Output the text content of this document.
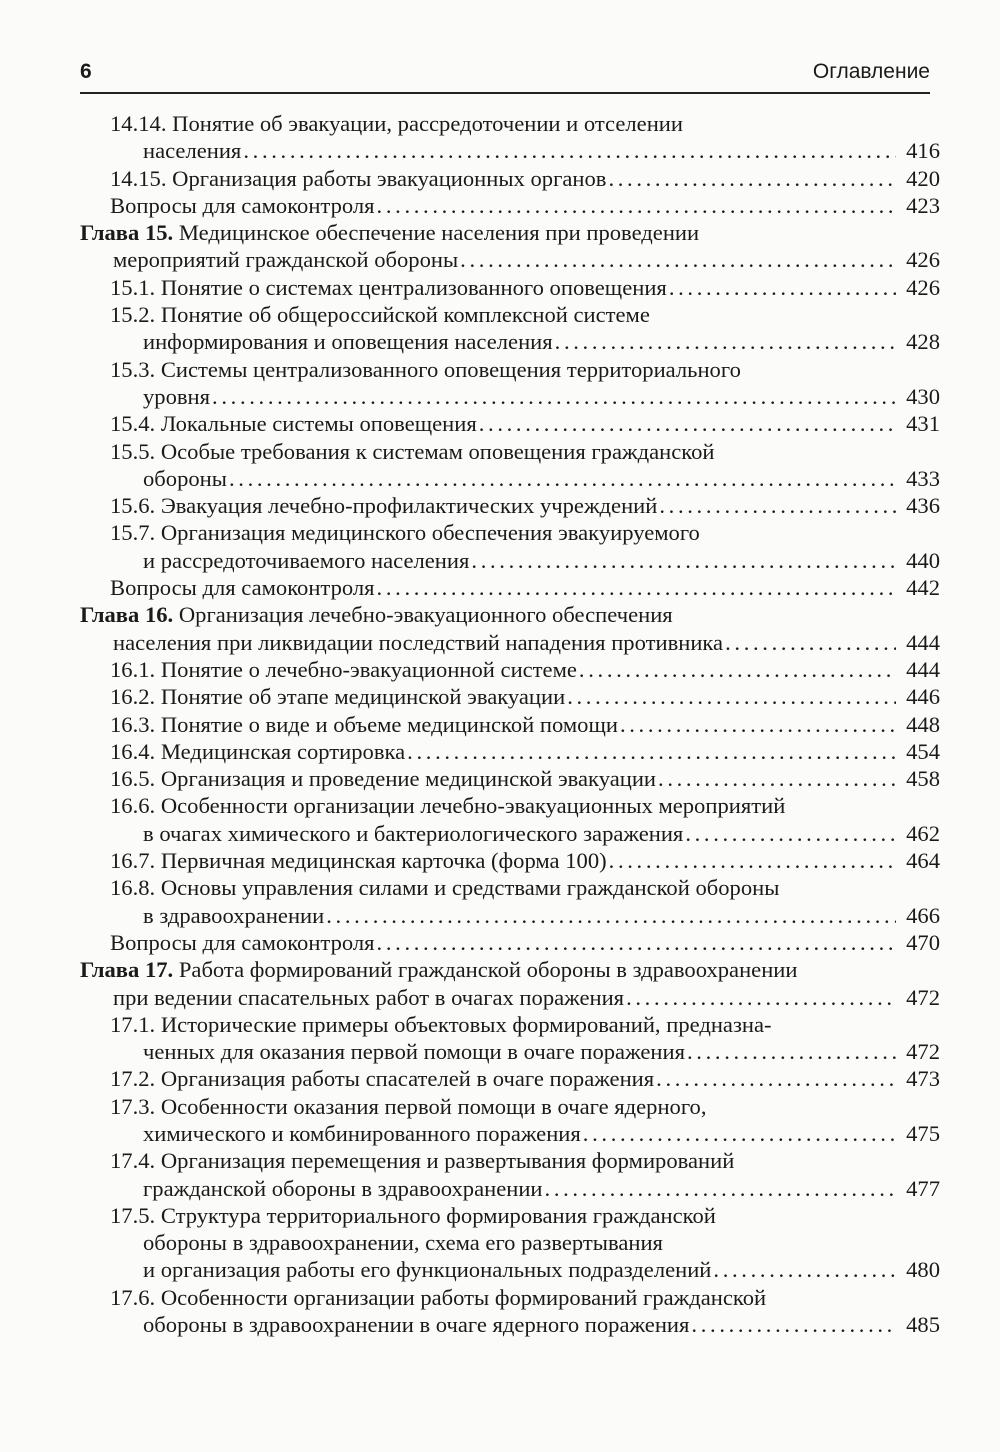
6	Оглавление
14.14. Понятие об эвакуации, рассредоточении и отселении
населения . . .	416
14.15. Организация работы эвакуационных органов . . .	420
Вопросы для самоконтроля . . .	423
Глава 15. Медицинское обеспечение населения при проведении
мероприятий гражданской обороны . . .	426
15.1. Понятие о системах централизованного оповещения . . .	426
15.2. Понятие об общероссийской комплексной системе
информирования и оповещения населения . . .	428
15.3. Системы централизованного оповещения территориального
уровня . . .	430
15.4. Локальные системы оповещения . . .	431
15.5. Особые требования к системам оповещения гражданской
обороны . . .	433
15.6. Эвакуация лечебно-профилактических учреждений . . .	436
15.7. Организация медицинского обеспечения эвакуируемого
и рассредоточиваемого населения . . .	440
Вопросы для самоконтроля . . .	442
Глава 16. Организация лечебно-эвакуационного обеспечения
населения при ликвидации последствий нападения противника . . .	444
16.1. Понятие о лечебно-эвакуационной системе . . .	444
16.2. Понятие об этапе медицинской эвакуации . . .	446
16.3. Понятие о виде и объеме медицинской помощи . . .	448
16.4. Медицинская сортировка . . .	454
16.5. Организация и проведение медицинской эвакуации . . .	458
16.6. Особенности организации лечебно-эвакуационных мероприятий
в очагах химического и бактериологического заражения . . .	462
16.7. Первичная медицинская карточка (форма 100) . . .	464
16.8. Основы управления силами и средствами гражданской обороны
в здравоохранении . . .	466
Вопросы для самоконтроля . . .	470
Глава 17. Работа формирований гражданской обороны в здравоохранении
при ведении спасательных работ в очагах поражения . . .	472
17.1. Исторические примеры объектовых формирований, предназна-
ченных для оказания первой помощи в очаге поражения . . .	472
17.2. Организация работы спасателей в очаге поражения . . .	473
17.3. Особенности оказания первой помощи в очаге ядерного,
химического и комбинированного поражения . . .	475
17.4. Организация перемещения и развертывания формирований
гражданской обороны в здравоохранении . . .	477
17.5. Структура территориального формирования гражданской
обороны в здравоохранении, схема его развертывания
и организация работы его функциональных подразделений . . .	480
17.6. Особенности организации работы формирований гражданской
обороны в здравоохранении в очаге ядерного поражения . . .	485
